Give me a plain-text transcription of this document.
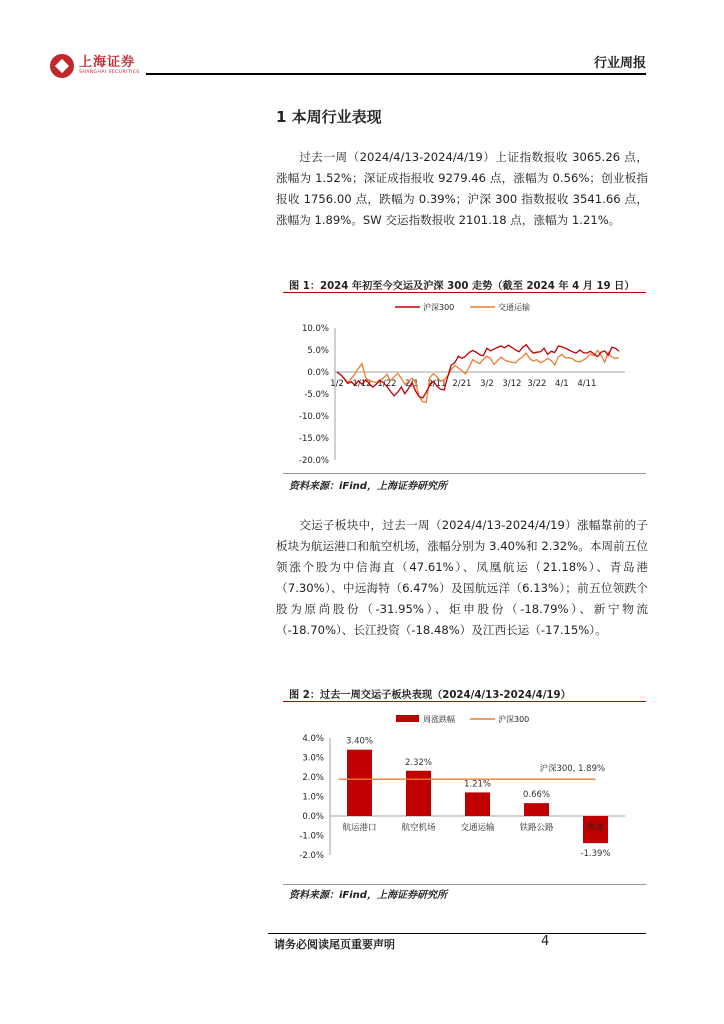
上海证券
SHANGHAI SECURITIES
行业周报
1 本周行业表现
过去一周（2024/4/13-2024/4/19）上证指数报收 3065.26 点，涨幅为 1.52%；深证成指报收 9279.46 点，涨幅为 0.56%；创业板指报收 1756.00 点，跌幅为 0.39%；沪深 300 指数报收 3541.66 点，涨幅为 1.89%。SW 交运指数报收 2101.18 点，涨幅为 1.21%。
图 1：2024 年初至今交运及沪深 300 走势（截至 2024 年 4 月 19 日）
沪深300	交通运输
10.0%
5.0%
0.0%
-5.0%
-10.0%
-15.0%
-20.0%
1/2 1/12 1/22 2/1 2/11 2/21 3/2 3/12 3/22 4/1 4/11
资料来源：iFind，上海证券研究所
交运子板块中，过去一周（2024/4/13-2024/4/19）涨幅靠前的子板块为航运港口和航空机场，涨幅分别为 3.40%和 2.32%。本周前五位领涨个股为中信海直（47.61%）、凤凰航运（21.18%）、青岛港（7.30%）、中远海特（6.47%）及国航远洋（6.13%）；前五位领跌个股为原尚股份（-31.95%）、炬申股份（-18.79%）、新宁物流（-18.70%）、长江投资（-18.48%）及江西长运（-17.15%）。
图 2：过去一周交运子板块表现（2024/4/13-2024/4/19）
周涨跌幅	沪深300
4.0%
3.0%
2.0%
1.0%
0.0%
-1.0%
-2.0%
3.40%
航运港口
2.32%
航空机场
1.21%
交通运输
0.66%
铁路公路
-1.39%
物流
沪深300, 1.89%
资料来源：iFind，上海证券研究所
请务必阅读尾页重要声明	4
